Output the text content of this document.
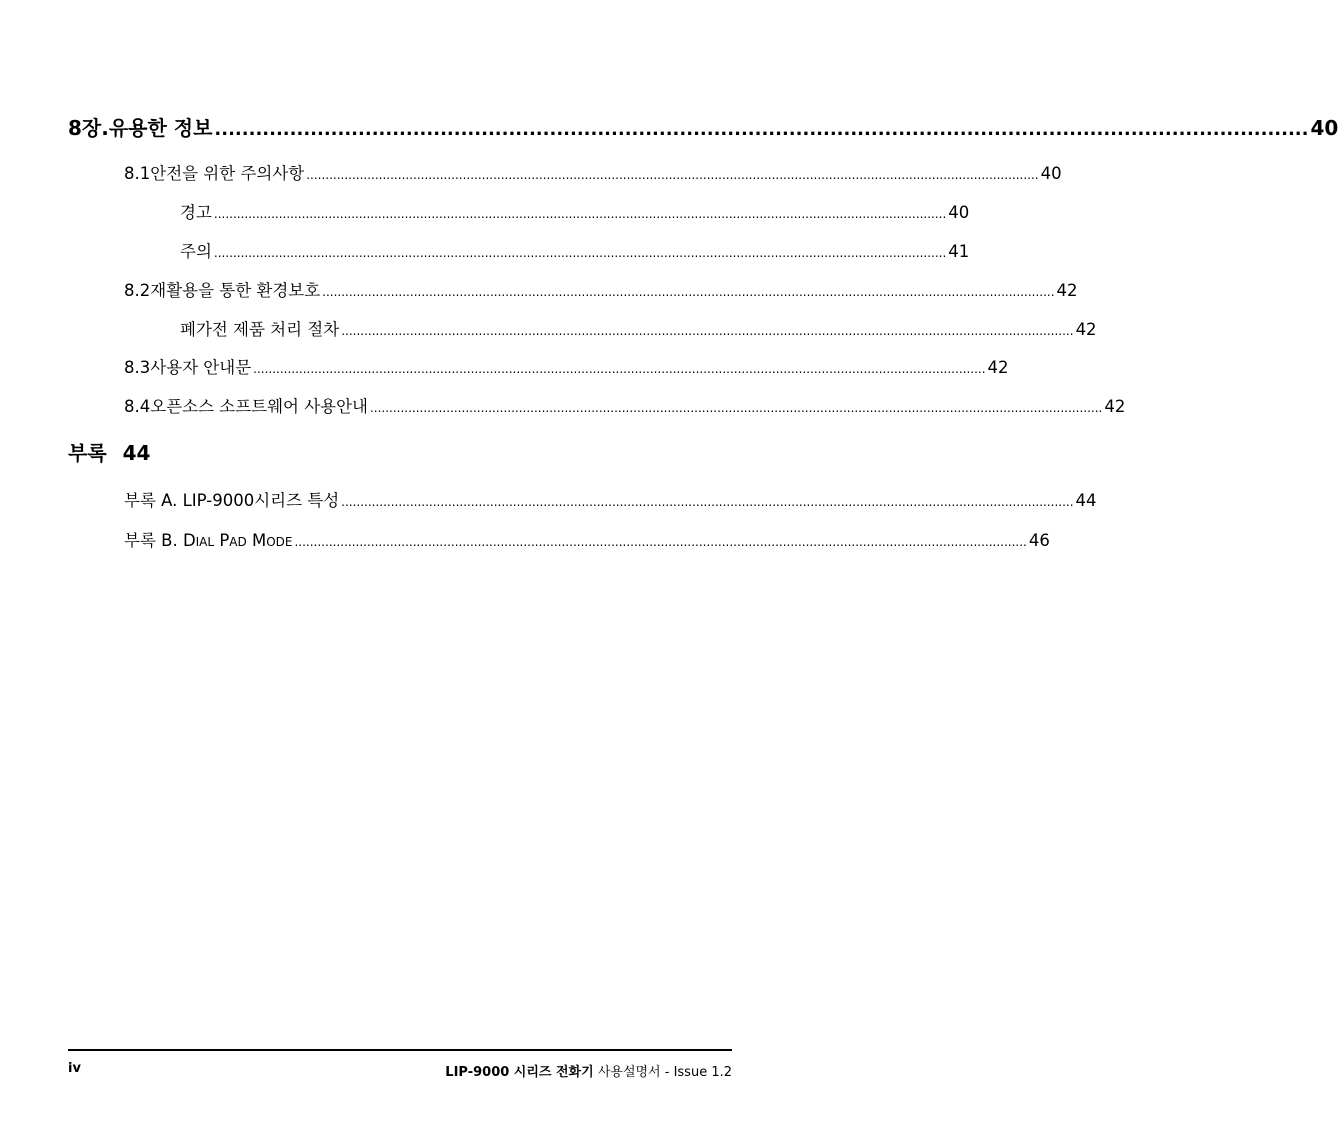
8장. 유용한 정보 ................................................................................................................................................................ 40
8.1 안전을 위한 주의사항 ................................................................................................................................................................................................ 40
경고 ................................................................................................................................................................................................ 40
주의 ................................................................................................................................................................................................ 41
8.2 재활용을 통한 환경보호 ................................................................................................................................................................................................ 42
폐가전 제품 처리 절차 ................................................................................................................................................................................................ 42
8.3 사용자 안내문 ................................................................................................................................................................................................ 42
8.4 오픈소스 소프트웨어 사용안내 ................................................................................................................................................................................................ 42
부록 44
부록 A. LIP-9000시리즈 특성 ................................................................................................................................................................................................ 44
부록 B. Dial Pad Mode ................................................................................................................................................................................................ 46
iv	LIP-9000 시리즈 전화기 사용설명서 - Issue 1.2
